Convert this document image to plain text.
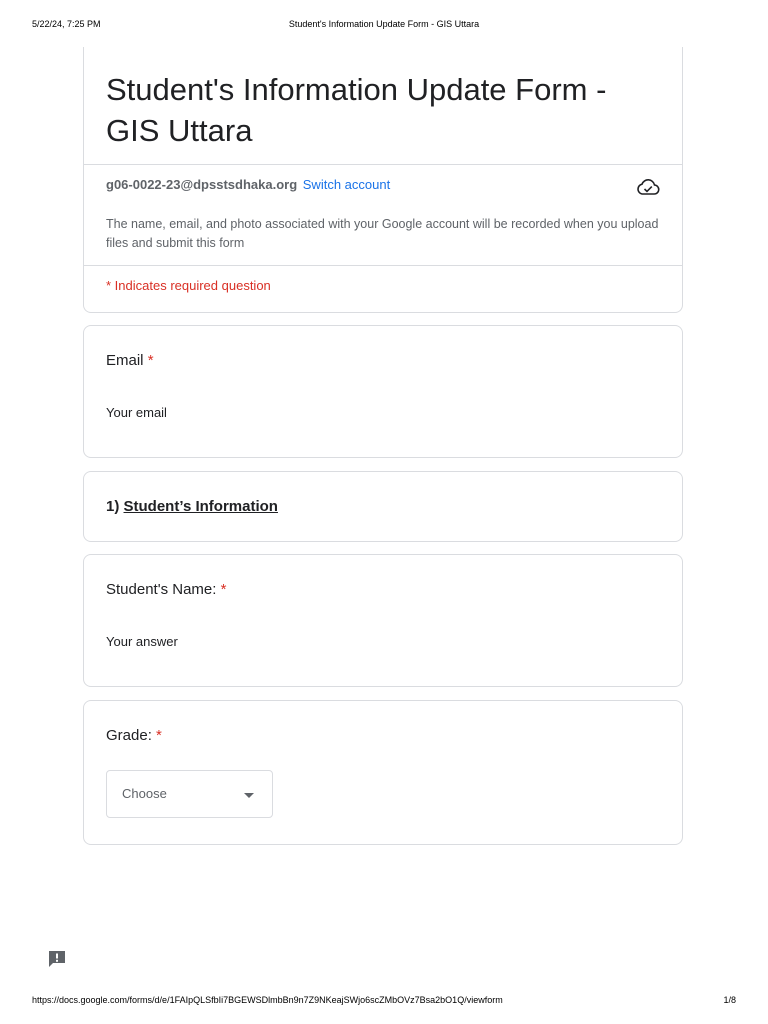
5/22/24, 7:25 PM	Student's Information Update Form - GIS Uttara
Student's Information Update Form - GIS Uttara
g06-0022-23@dpsstsdhaka.org Switch account
The name, email, and photo associated with your Google account will be recorded when you upload files and submit this form
* Indicates required question
Email *
Your email
1) Student’s Information
Student's Name: *
Your answer
Grade: *
Choose
https://docs.google.com/forms/d/e/1FAIpQLSfbIi7BGEWSDlmbBn9n7Z9NKeajSWjo6scZMbOVz7Bsa2bO1Q/viewform	1/8
